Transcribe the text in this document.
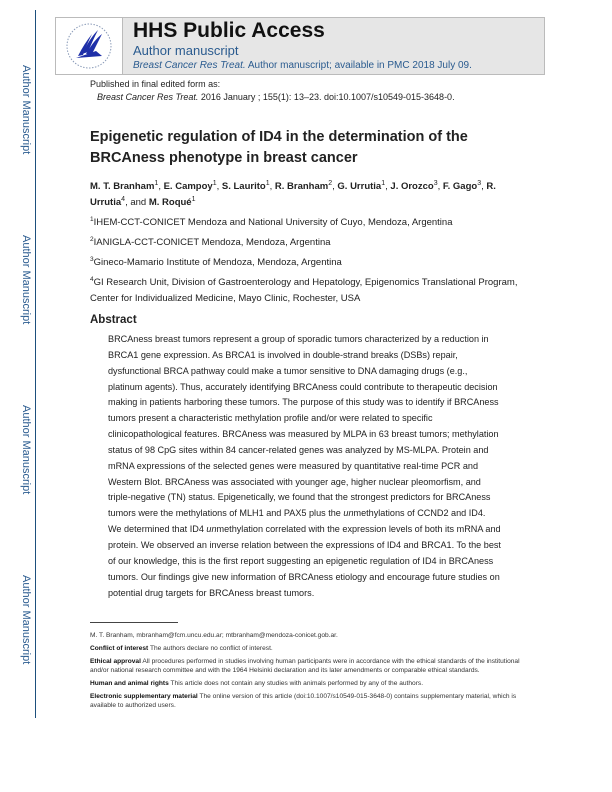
Author Manuscript
Author Manuscript
Author Manuscript
Author Manuscript
HHS Public Access
Author manuscript
Breast Cancer Res Treat. Author manuscript; available in PMC 2018 July 09.
Published in final edited form as:
Breast Cancer Res Treat. 2016 January ; 155(1): 13–23. doi:10.1007/s10549-015-3648-0.
Epigenetic regulation of ID4 in the determination of the BRCAness phenotype in breast cancer
M. T. Branham$^1$, E. Campoy$^1$, S. Laurito$^1$, R. Branham$^2$, G. Urrutia$^1$, J. Orozco$^3$, F. Gago$^3$, R. Urrutia$^4$, and M. Roqué$^1$
$^1$IHEM-CCT-CONICET Mendoza and National University of Cuyo, Mendoza, Argentina
$^2$IANIGLA-CCT-CONICET Mendoza, Mendoza, Argentina
$^3$Gineco-Mamario Institute of Mendoza, Mendoza, Argentina
$^4$GI Research Unit, Division of Gastroenterology and Hepatology, Epigenomics Translational Program, Center for Individualized Medicine, Mayo Clinic, Rochester, USA
Abstract
BRCAness breast tumors represent a group of sporadic tumors characterized by a reduction in
BRCA1 gene expression. As BRCA1 is involved in double-strand breaks (DSBs) repair,
dysfunctional BRCA pathway could make a tumor sensitive to DNA damaging drugs (e.g.,
platinum agents). Thus, accurately identifying BRCAness could contribute to therapeutic decision
making in patients harboring these tumors. The purpose of this study was to identify if BRCAness
tumors present a characteristic methylation profile and/or were related to specific
clinicopathological features. BRCAness was measured by MLPA in 63 breast tumors; methylation
status of 98 CpG sites within 84 cancer-related genes was analyzed by MS-MLPA. Protein and
mRNA expressions of the selected genes were measured by quantitative real-time PCR and
Western Blot. BRCAness was associated with younger age, higher nuclear pleomorfism, and
triple-negative (TN) status. Epigenetically, we found that the strongest predictors for BRCAness
tumors were the methylations of MLH1 and PAX5 plus the unmethylations of CCND2 and ID4.
We determined that ID4 unmethylation correlated with the expression levels of both its mRNA and
protein. We observed an inverse relation between the expressions of ID4 and BRCA1. To the best
of our knowledge, this is the first report suggesting an epigenetic regulation of ID4 in BRCAness
tumors. Our findings give new information of BRCAness etiology and encourage future studies on
potential drug targets for BRCAness breast tumors.
M. T. Branham, mbranham@fcm.uncu.edu.ar; mtbranham@mendoza-conicet.gob.ar.
Conflict of interest The authors declare no conflict of interest.
Ethical approval All procedures performed in studies involving human participants were in accordance with the ethical standards of the institutional and/or national research committee and with the 1964 Helsinki declaration and its later amendments or comparable ethical standards.
Human and animal rights This article does not contain any studies with animals performed by any of the authors.
Electronic supplementary material The online version of this article (doi:10.1007/s10549-015-3648-0) contains supplementary material, which is available to authorized users.
